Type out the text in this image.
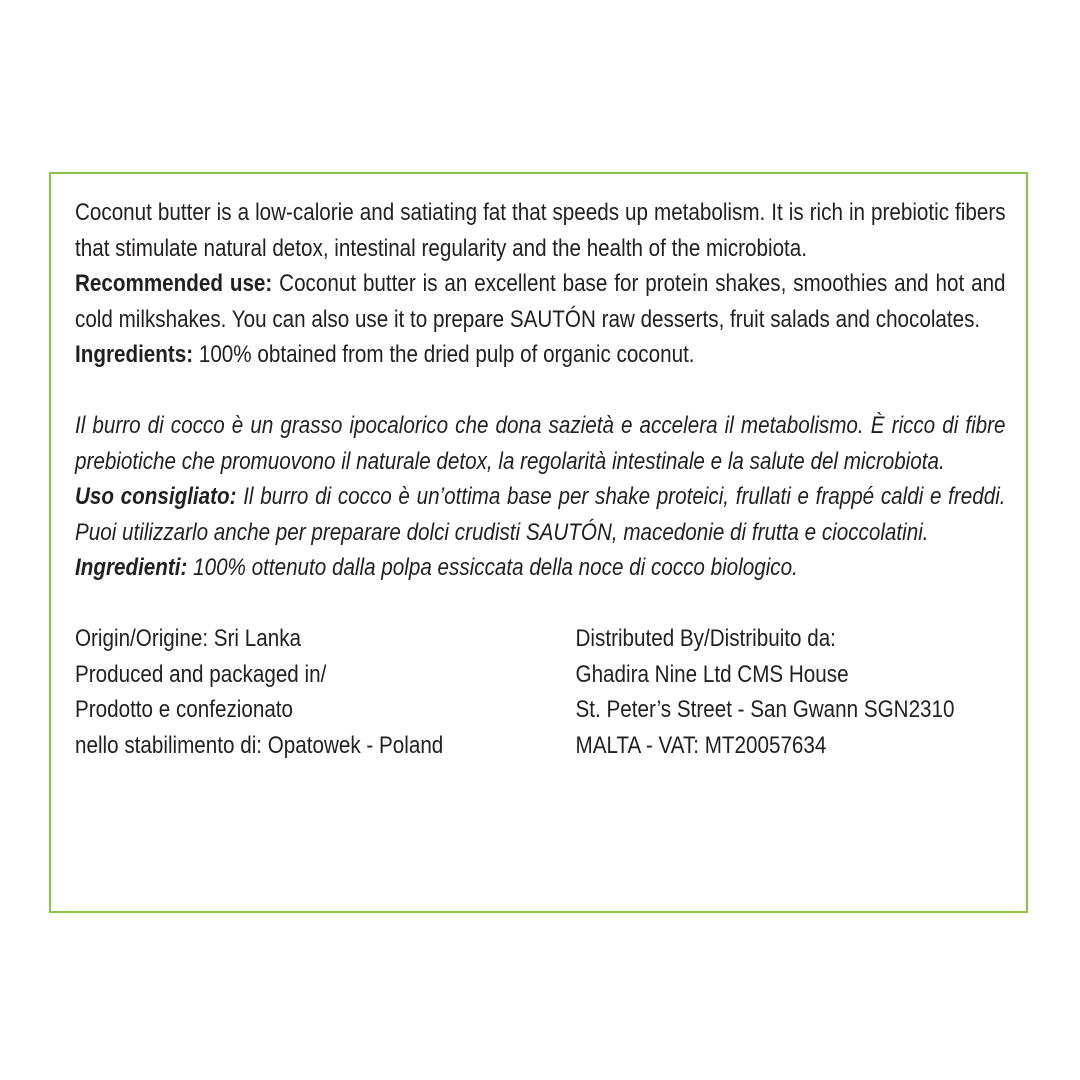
Coconut butter is a low-calorie and satiating fat that speeds up metabolism. It is rich in prebiotic fibers that stimulate natural detox, intestinal regularity and the health of the microbiota.

Recommended use: Coconut butter is an excellent base for protein shakes, smoothies and hot and cold milkshakes. You can also use it to prepare SAUTÓN raw desserts, fruit salads and chocolates.

Ingredients: 100% obtained from the dried pulp of organic coconut.

Il burro di cocco è un grasso ipocalorico che dona sazietà e accelera il metabolismo. È ricco di fibre prebiotiche che promuovono il naturale detox, la regolarità intestinale e la salute del microbiota.

Uso consigliato: Il burro di cocco è un’ottima base per shake proteici, frullati e frappé caldi e freddi. Puoi utilizzarlo anche per preparare dolci crudisti SAUTÓN, macedonie di frutta e cioccolatini.

Ingredienti: 100% ottenuto dalla polpa essiccata della noce di cocco biologico.

Origin/Origine: Sri Lanka
Produced and packaged in/
Prodotto e confezionato
nello stabilimento di: Opatowek - Poland
Distributed By/Distribuito da:
Ghadira Nine Ltd CMS House
St. Peter’s Street - San Gwann SGN2310
MALTA - VAT: MT20057634
